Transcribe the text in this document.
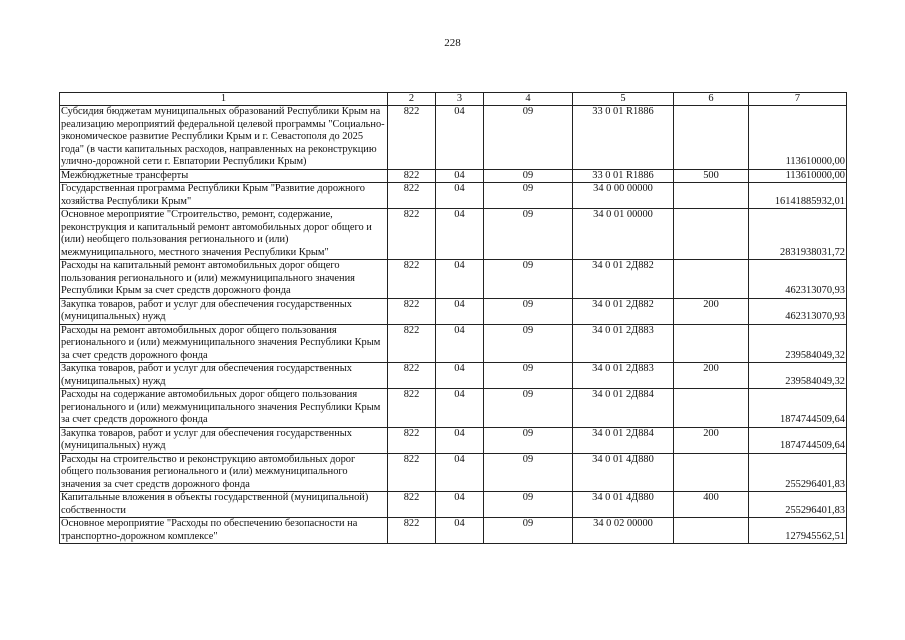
228
1	2	3	4	5	6	7
Субсидия бюджетам муниципальных образований Республики Крым на реализацию мероприятий федеральной целевой программы "Социально-экономическое развитие Республики Крым и г. Севастополя до 2025 года" (в части капитальных расходов, направленных на реконструкцию улично-дорожной сети г. Евпатории Республики Крым)	822	04	09	33 0 01 R1886		113610000,00
Межбюджетные трансферты	822	04	09	33 0 01 R1886	500	113610000,00
Государственная программа Республики Крым "Развитие дорожного хозяйства Республики Крым"	822	04	09	34 0 00 00000		16141885932,01
Основное мероприятие "Строительство, ремонт, содержание, реконструкция и капитальный ремонт автомобильных дорог общего и (или) необщего пользования регионального и (или) межмуниципального, местного значения Республики Крым"	822	04	09	34 0 01 00000		2831938031,72
Расходы на капитальный ремонт автомобильных дорог общего пользования регионального и (или) межмуниципального значения Республики Крым за счет средств дорожного фонда	822	04	09	34 0 01 2Д882		462313070,93
Закупка товаров, работ и услуг для обеспечения государственных (муниципальных) нужд	822	04	09	34 0 01 2Д882	200	462313070,93
Расходы на ремонт автомобильных дорог общего пользования регионального и (или) межмуниципального значения Республики Крым за счет средств дорожного фонда	822	04	09	34 0 01 2Д883		239584049,32
Закупка товаров, работ и услуг для обеспечения государственных (муниципальных) нужд	822	04	09	34 0 01 2Д883	200	239584049,32
Расходы на содержание автомобильных дорог общего пользования регионального и (или) межмуниципального значения Республики Крым за счет средств дорожного фонда	822	04	09	34 0 01 2Д884		1874744509,64
Закупка товаров, работ и услуг для обеспечения государственных (муниципальных) нужд	822	04	09	34 0 01 2Д884	200	1874744509,64
Расходы на строительство и реконструкцию автомобильных дорог общего пользования регионального и (или) межмуниципального значения за счет средств дорожного фонда	822	04	09	34 0 01 4Д880		255296401,83
Капитальные вложения в объекты государственной (муниципальной) собственности	822	04	09	34 0 01 4Д880	400	255296401,83
Основное мероприятие "Расходы по обеспечению безопасности на транспортно-дорожном комплексе"	822	04	09	34 0 02 00000		127945562,51
